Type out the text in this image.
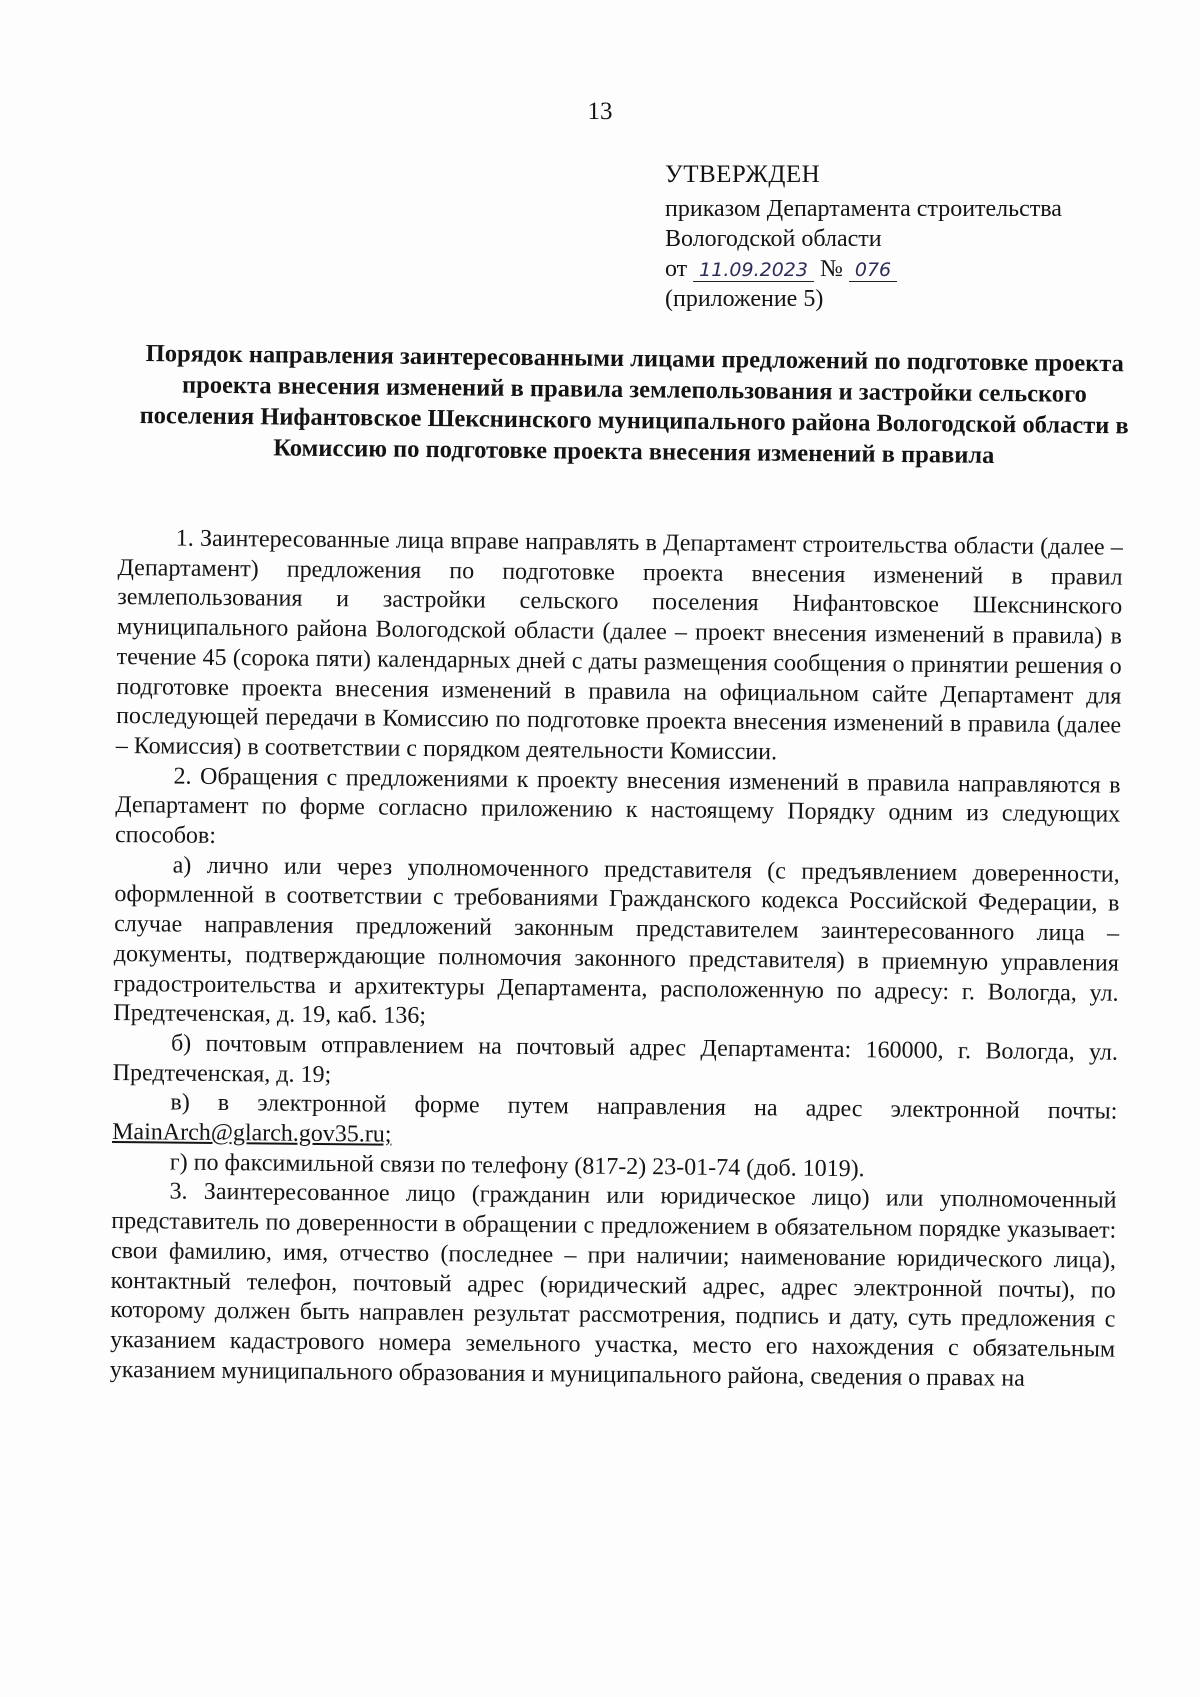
13
УТВЕРЖДЕН
приказом Департамента строительства
Вологодской области
от 11.09.2023 № 076
(приложение 5)
Порядок направления заинтересованными лицами предложений по подготовке проекта проекта внесения изменений в правила землепользования и застройки сельского поселения Нифантовское Шекснинского муниципального района Вологодской области в Комиссию по подготовке проекта внесения изменений в правила

1. Заинтересованные лица вправе направлять в Департамент строительства области (далее – Департамент) предложения по подготовке проекта внесения изменений в правил землепользования и застройки сельского поселения Нифантовское Шекснинского муниципального района Вологодской области (далее – проект внесения изменений в правила) в течение 45 (сорока пяти) календарных дней с даты размещения сообщения о принятии решения о подготовке проекта внесения изменений в правила на официальном сайте Департамент для последующей передачи в Комиссию по подготовке проекта внесения изменений в правила (далее – Комиссия) в соответствии с порядком деятельности Комиссии.

2. Обращения с предложениями к проекту внесения изменений в правила направляются в Департамент по форме согласно приложению к настоящему Порядку одним из следующих способов:

а) лично или через уполномоченного представителя (с предъявлением доверенности, оформленной в соответствии с требованиями Гражданского кодекса Российской Федерации, в случае направления предложений законным представителем заинтересованного лица – документы, подтверждающие полномочия законного представителя) в приемную управления градостроительства и архитектуры Департамента, расположенную по адресу: г. Вологда, ул. Предтеченская, д. 19, каб. 136;

б) почтовым отправлением на почтовый адрес Департамента: 160000, г. Вологда, ул. Предтеченская, д. 19;

в) в электронной форме путем направления на адрес электронной почты: MainArch@glarch.gov35.ru;

г) по факсимильной связи по телефону (817-2) 23-01-74 (доб. 1019).

3. Заинтересованное лицо (гражданин или юридическое лицо) или уполномоченный представитель по доверенности в обращении с предложением в обязательном порядке указывает: свои фамилию, имя, отчество (последнее – при наличии; наименование юридического лица), контактный телефон, почтовый адрес (юридический адрес, адрес электронной почты), по которому должен быть направлен результат рассмотрения, подпись и дату, суть предложения с указанием кадастрового номера земельного участка, место его нахождения с обязательным указанием муниципального образования и муниципального района, сведения о правах на
